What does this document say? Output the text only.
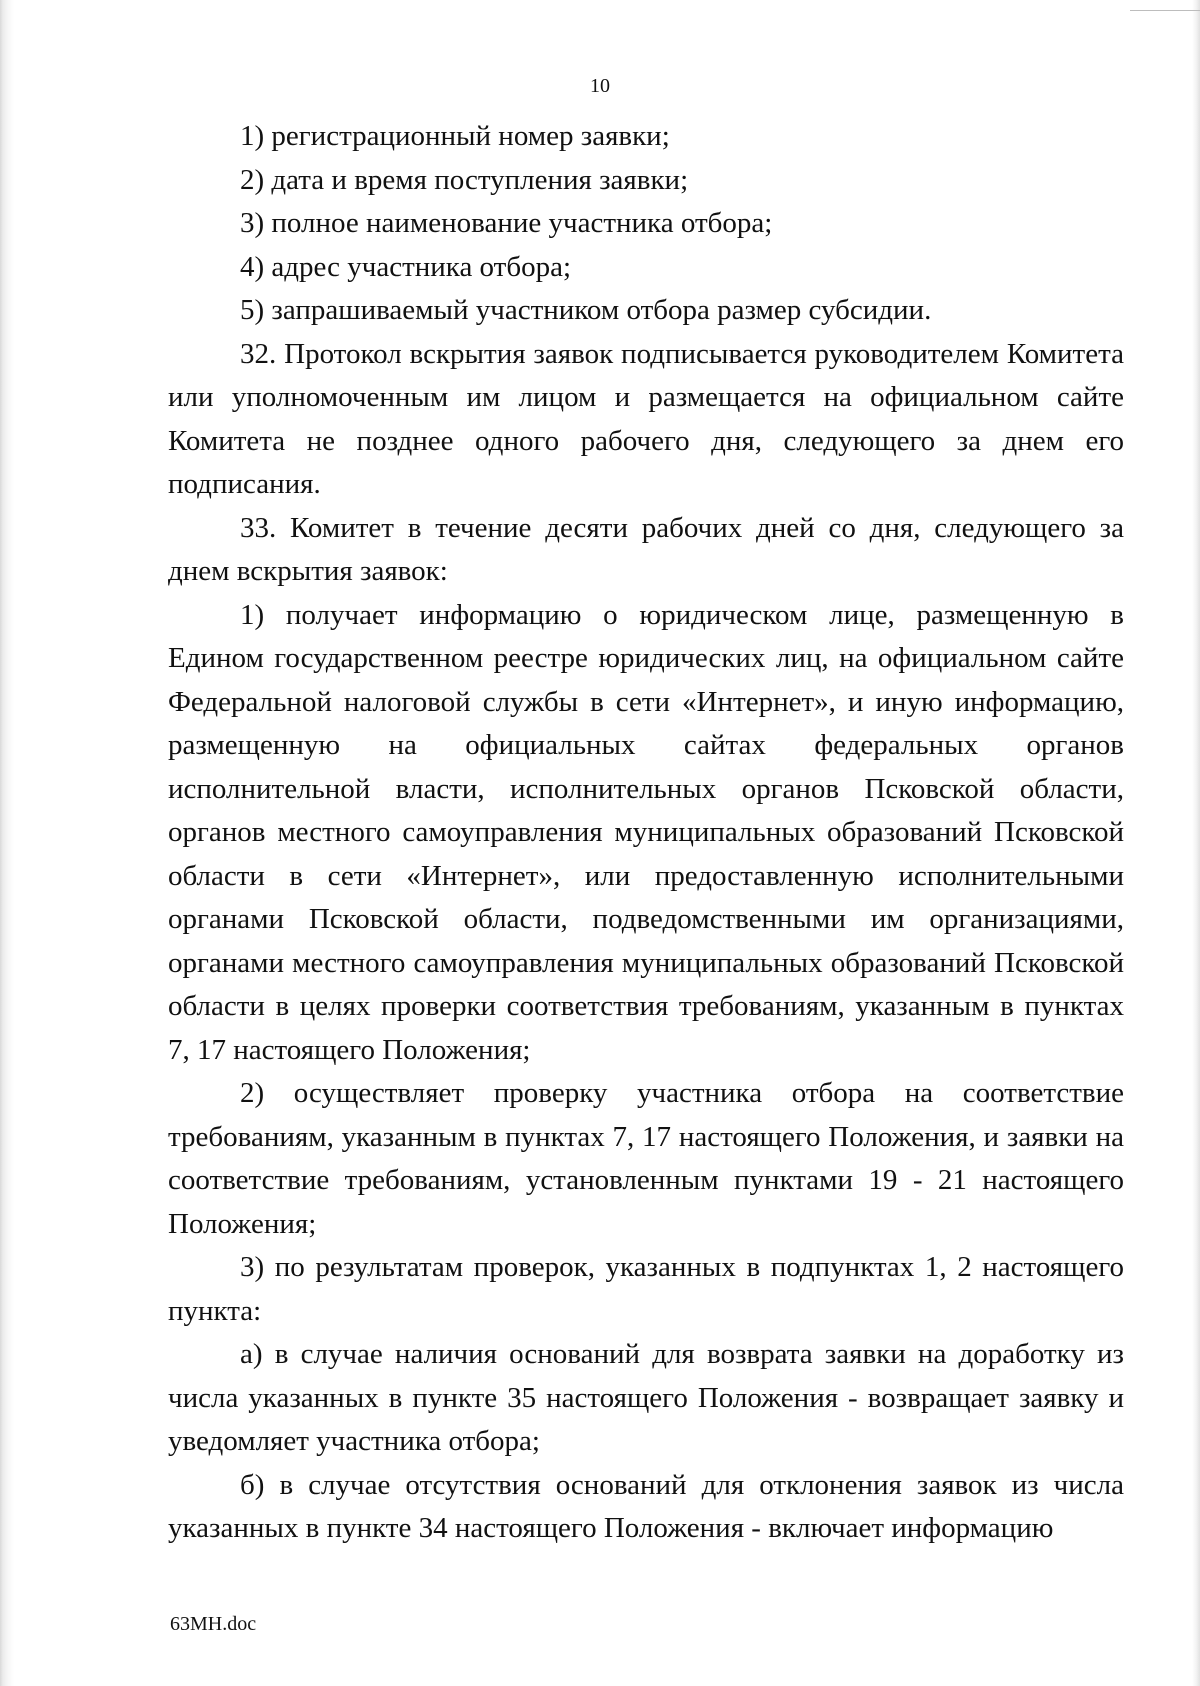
10

1) регистрационный номер заявки;

2) дата и время поступления заявки;

3) полное наименование участника отбора;

4) адрес участника отбора;

5) запрашиваемый участником отбора размер субсидии.

32. Протокол вскрытия заявок подписывается руководителем Комитета или уполномоченным им лицом и размещается на официальном сайте Комитета не позднее одного рабочего дня, следующего за днем его подписания.

33. Комитет в течение десяти рабочих дней со дня, следующего за днем вскрытия заявок:

1) получает информацию о юридическом лице, размещенную в Едином государственном реестре юридических лиц, на официальном сайте Федеральной налоговой службы в сети «Интернет», и иную информацию, размещенную на официальных сайтах федеральных органов исполнительной власти, исполнительных органов Псковской области, органов местного самоуправления муниципальных образований Псковской области в сети «Интернет», или предоставленную исполнительными органами Псковской области, подведомственными им организациями, органами местного самоуправления муниципальных образований Псковской области в целях проверки соответствия требованиям, указанным в пунктах 7, 17 настоящего Положения;

2) осуществляет проверку участника отбора на соответствие требованиям, указанным в пунктах 7, 17 настоящего Положения, и заявки на соответствие требованиям, установленным пунктами 19 - 21 настоящего Положения;

3) по результатам проверок, указанных в подпунктах 1, 2 настоящего пункта:

а) в случае наличия оснований для возврата заявки на доработку из числа указанных в пункте 35 настоящего Положения - возвращает заявку и уведомляет участника отбора;

б) в случае отсутствия оснований для отклонения заявок из числа указанных в пункте 34 настоящего Положения - включает информацию

63МН.doc
